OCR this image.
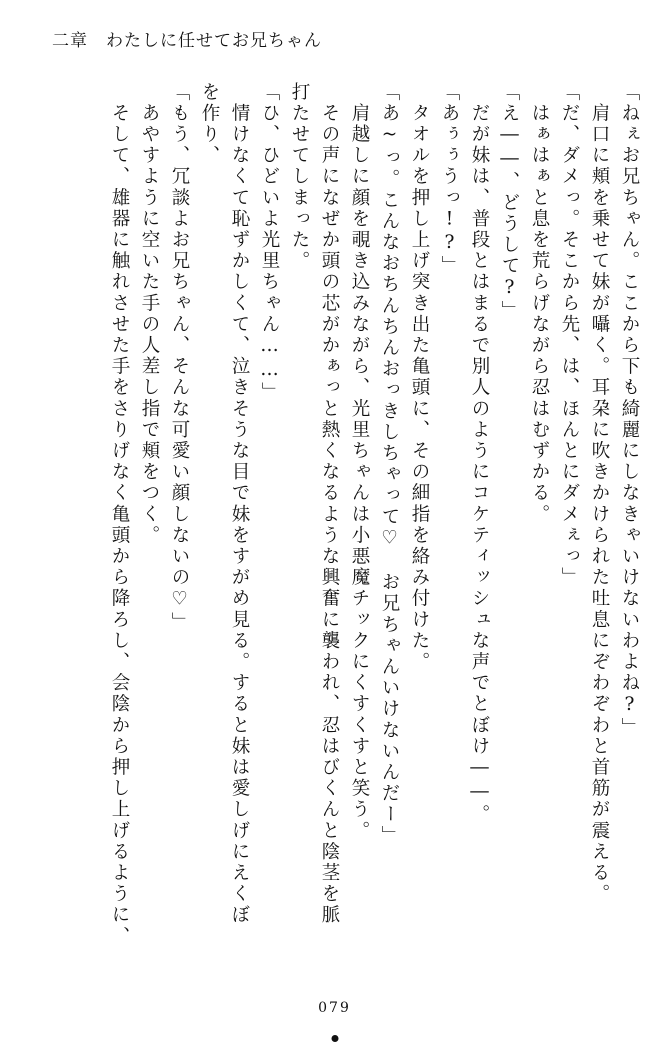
二章 わたしに任せてお兄ちゃん
「ねぇお兄ちゃん。ここから下も綺麗にしなきゃいけないわよね?」
　肩口に頬を乗せて妹が囁く。耳朶に吹きかけられた吐息にぞわぞわと首筋が震える。
「だ、ダメっ。そこから先、は、ほんとにダメぇっ」
　はぁはぁと息を荒らげながら忍はむずかる。
「え――、どうして?」
　だが妹は、普段とはまるで別人のようにコケティッシュな声でとぼけ――。
「あぅぅうっ!?」
　タオルを押し上げ突き出た亀頭に、その細指を絡み付けた。
「あ~っ。こんなおちんちんおっきしちゃって♡　お兄ちゃんいけないんだー」
　肩越しに顔を覗き込みながら、光里ちゃんは小悪魔チックにくすくすと笑う。
　その声になぜか頭の芯がかぁっと熱くなるような興奮に襲われ、忍はびくんと陰茎を脈
打たせてしまった。
「ひ、ひどいよ光里ちゃん……」
　情けなくて恥ずかしくて、泣きそうな目で妹をすがめ見る。すると妹は愛しげにえくぼ
を作り、
「もう、冗談よお兄ちゃん、そんな可愛い顔しないの♡」
　あやすように空いた手の人差し指で頬をつく。
　そして、雄器に触れさせた手をさりげなく亀頭から降ろし、会陰から押し上げるように、
079
